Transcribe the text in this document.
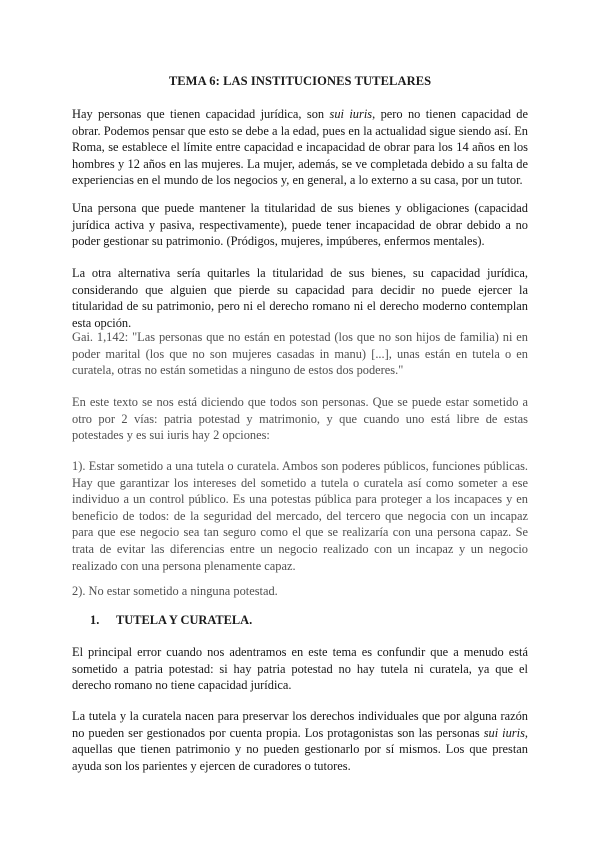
TEMA 6: LAS INSTITUCIONES TUTELARES
Hay personas que tienen capacidad jurídica, son sui iuris, pero no tienen capacidad de obrar. Podemos pensar que esto se debe a la edad, pues en la actualidad sigue siendo así. En Roma, se establece el límite entre capacidad e incapacidad de obrar para los 14 años en los hombres y 12 años en las mujeres. La mujer, además, se ve completada debido a su falta de experiencias en el mundo de los negocios y, en general, a lo externo a su casa, por un tutor.
Una persona que puede mantener la titularidad de sus bienes y obligaciones (capacidad jurídica activa y pasiva, respectivamente), puede tener incapacidad de obrar debido a no poder gestionar su patrimonio. (Pródigos, mujeres, impúberes, enfermos mentales).
La otra alternativa sería quitarles la titularidad de sus bienes, su capacidad jurídica, considerando que alguien que pierde su capacidad para decidir no puede ejercer la titularidad de su patrimonio, pero ni el derecho romano ni el derecho moderno contemplan esta opción.
Gai. 1,142: "Las personas que no están en potestad (los que no son hijos de familia) ni en poder marital (los que no son mujeres casadas in manu) [...], unas están en tutela o en curatela, otras no están sometidas a ninguno de estos dos poderes."
En este texto se nos está diciendo que todos son personas. Que se puede estar sometido a otro por 2 vías: patria potestad y matrimonio, y que cuando uno está libre de estas potestades y es sui iuris hay 2 opciones:
1). Estar sometido a una tutela o curatela. Ambos son poderes públicos, funciones públicas. Hay que garantizar los intereses del sometido a tutela o curatela así como someter a ese individuo a un control público. Es una potestas pública para proteger a los incapaces y en beneficio de todos: de la seguridad del mercado, del tercero que negocia con un incapaz para que ese negocio sea tan seguro como el que se realizaría con una persona capaz. Se trata de evitar las diferencias entre un negocio realizado con un incapaz y un negocio realizado con una persona plenamente capaz.
2). No estar sometido a ninguna potestad.
1. TUTELA Y CURATELA.
El principal error cuando nos adentramos en este tema es confundir que a menudo está sometido a patria potestad: si hay patria potestad no hay tutela ni curatela, ya que el derecho romano no tiene capacidad jurídica.
La tutela y la curatela nacen para preservar los derechos individuales que por alguna razón no pueden ser gestionados por cuenta propia. Los protagonistas son las personas sui iuris, aquellas que tienen patrimonio y no pueden gestionarlo por sí mismos. Los que prestan ayuda son los parientes y ejercen de curadores o tutores.
